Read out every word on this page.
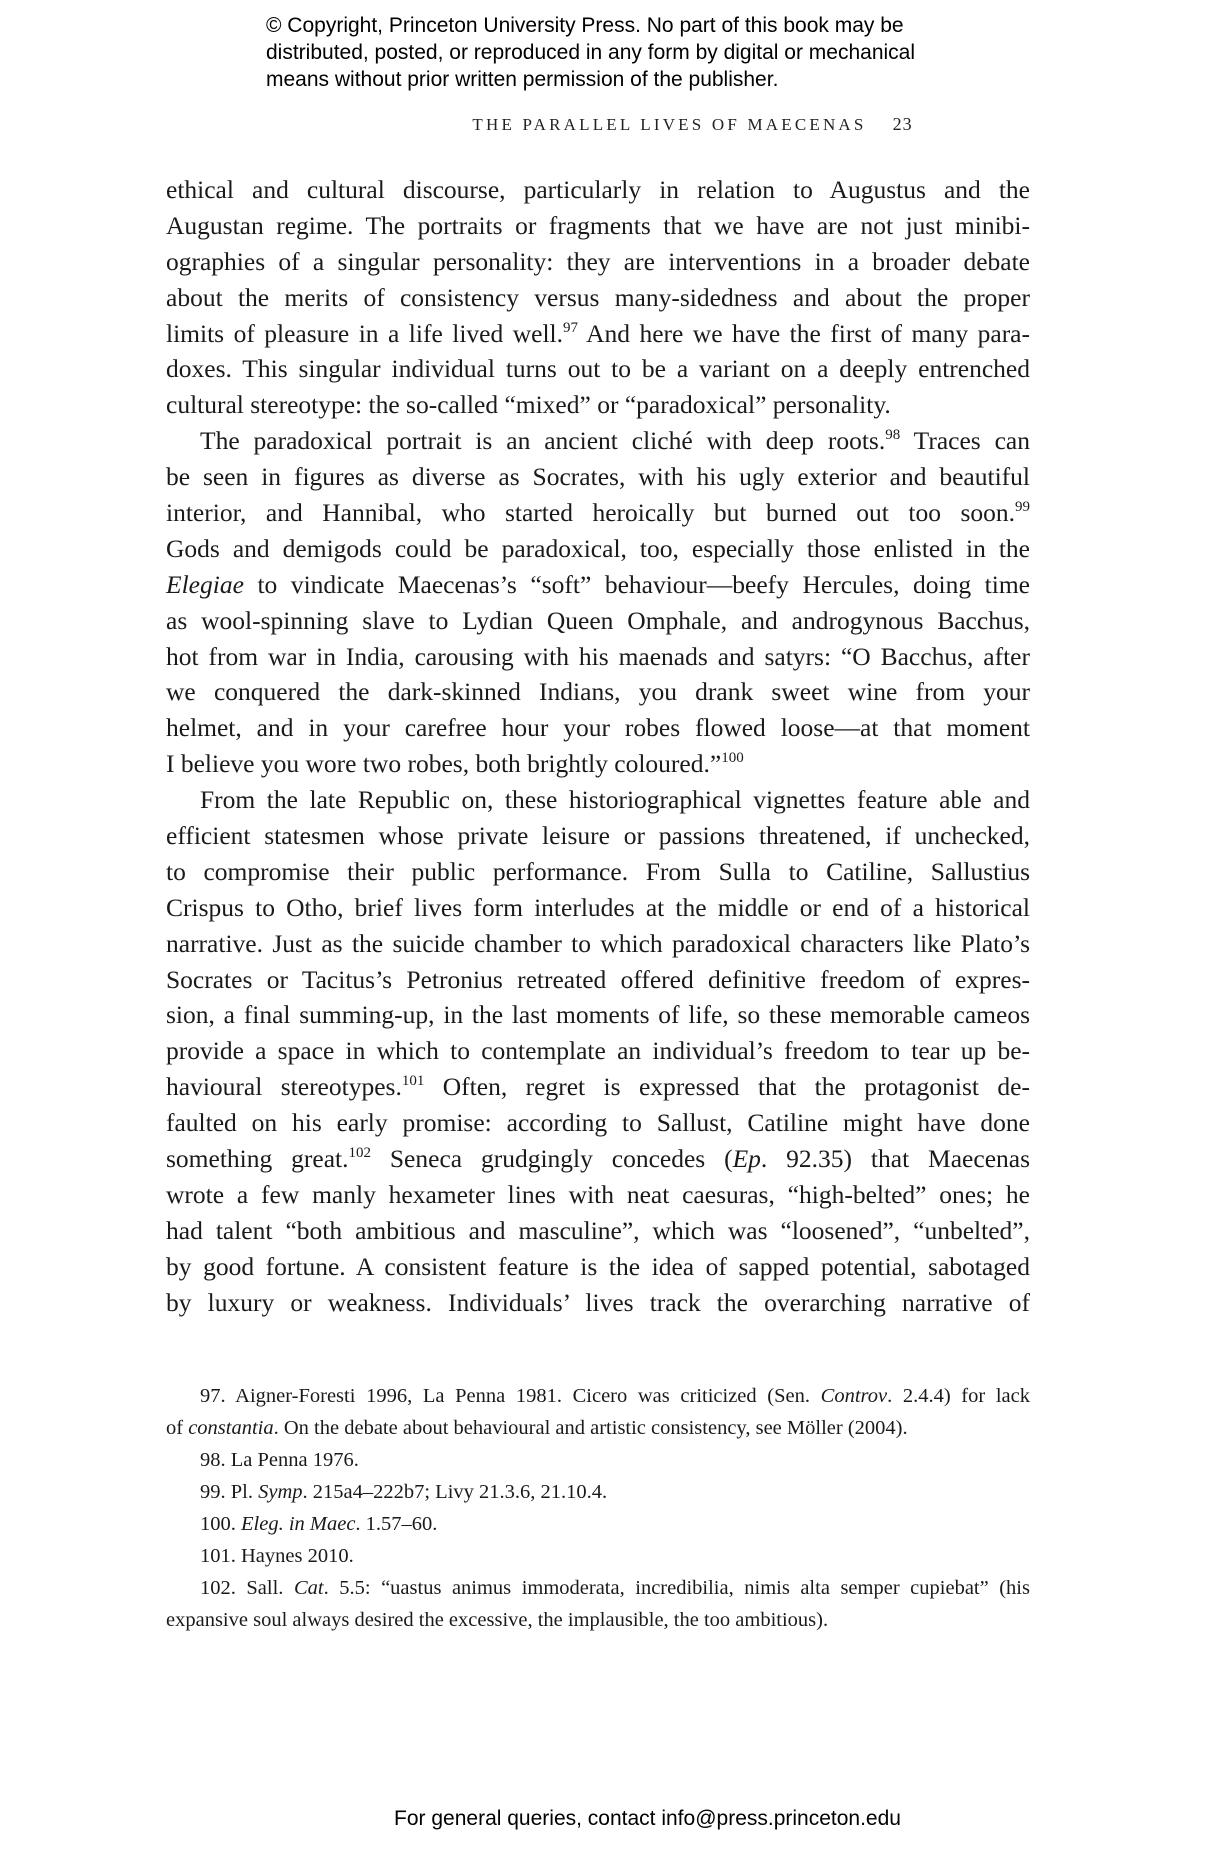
© Copyright, Princeton University Press. No part of this book may be
distributed, posted, or reproduced in any form by digital or mechanical
means without prior written permission of the publisher.
THE PARALLEL LIVES OF MAECENAS 23
ethical and cultural discourse, particularly in relation to Augustus and the
Augustan regime. The portraits or fragments that we have are not just minibi-
ographies of a singular personality: they are interventions in a broader debate
about the merits of consistency versus many-sidedness and about the proper
limits of pleasure in a life lived well.$^{97}$ And here we have the first of many para-
doxes. This singular individual turns out to be a variant on a deeply entrenched
cultural stereotype: the so-called “mixed” or “paradoxical” personality.
The paradoxical portrait is an ancient cliché with deep roots.$^{98}$ Traces can
be seen in figures as diverse as Socrates, with his ugly exterior and beautiful
interior, and Hannibal, who started heroically but burned out too soon.$^{99}$
Gods and demigods could be paradoxical, too, especially those enlisted in the
Elegiae to vindicate Maecenas’s “soft” behaviour—beefy Hercules, doing time
as wool-spinning slave to Lydian Queen Omphale, and androgynous Bacchus,
hot from war in India, carousing with his maenads and satyrs: “O Bacchus, after
we conquered the dark-skinned Indians, you drank sweet wine from your
helmet, and in your carefree hour your robes flowed loose—at that moment
I believe you wore two robes, both brightly coloured.”$^{100}$
From the late Republic on, these historiographical vignettes feature able and
efficient statesmen whose private leisure or passions threatened, if unchecked,
to compromise their public performance. From Sulla to Catiline, Sallustius
Crispus to Otho, brief lives form interludes at the middle or end of a historical
narrative. Just as the suicide chamber to which paradoxical characters like Plato’s
Socrates or Tacitus’s Petronius retreated offered definitive freedom of expres-
sion, a final summing-up, in the last moments of life, so these memorable cameos
provide a space in which to contemplate an individual’s freedom to tear up be-
havioural stereotypes.$^{101}$ Often, regret is expressed that the protagonist de-
faulted on his early promise: according to Sallust, Catiline might have done
something great.$^{102}$ Seneca grudgingly concedes (Ep. 92.35) that Maecenas
wrote a few manly hexameter lines with neat caesuras, “high-belted” ones; he
had talent “both ambitious and masculine”, which was “loosened”, “unbelted”,
by good fortune. A consistent feature is the idea of sapped potential, sabotaged
by luxury or weakness. Individuals’ lives track the overarching narrative of
97. Aigner-Foresti 1996, La Penna 1981. Cicero was criticized (Sen. Controv. 2.4.4) for lack
of constantia. On the debate about behavioural and artistic consistency, see Möller (2004).
98. La Penna 1976.
99. Pl. Symp. 215a4–222b7; Livy 21.3.6, 21.10.4.
100. Eleg. in Maec. 1.57–60.
101. Haynes 2010.
102. Sall. Cat. 5.5: “uastus animus immoderata, incredibilia, nimis alta semper cupiebat” (his
expansive soul always desired the excessive, the implausible, the too ambitious).
For general queries, contact info@press.princeton.edu
